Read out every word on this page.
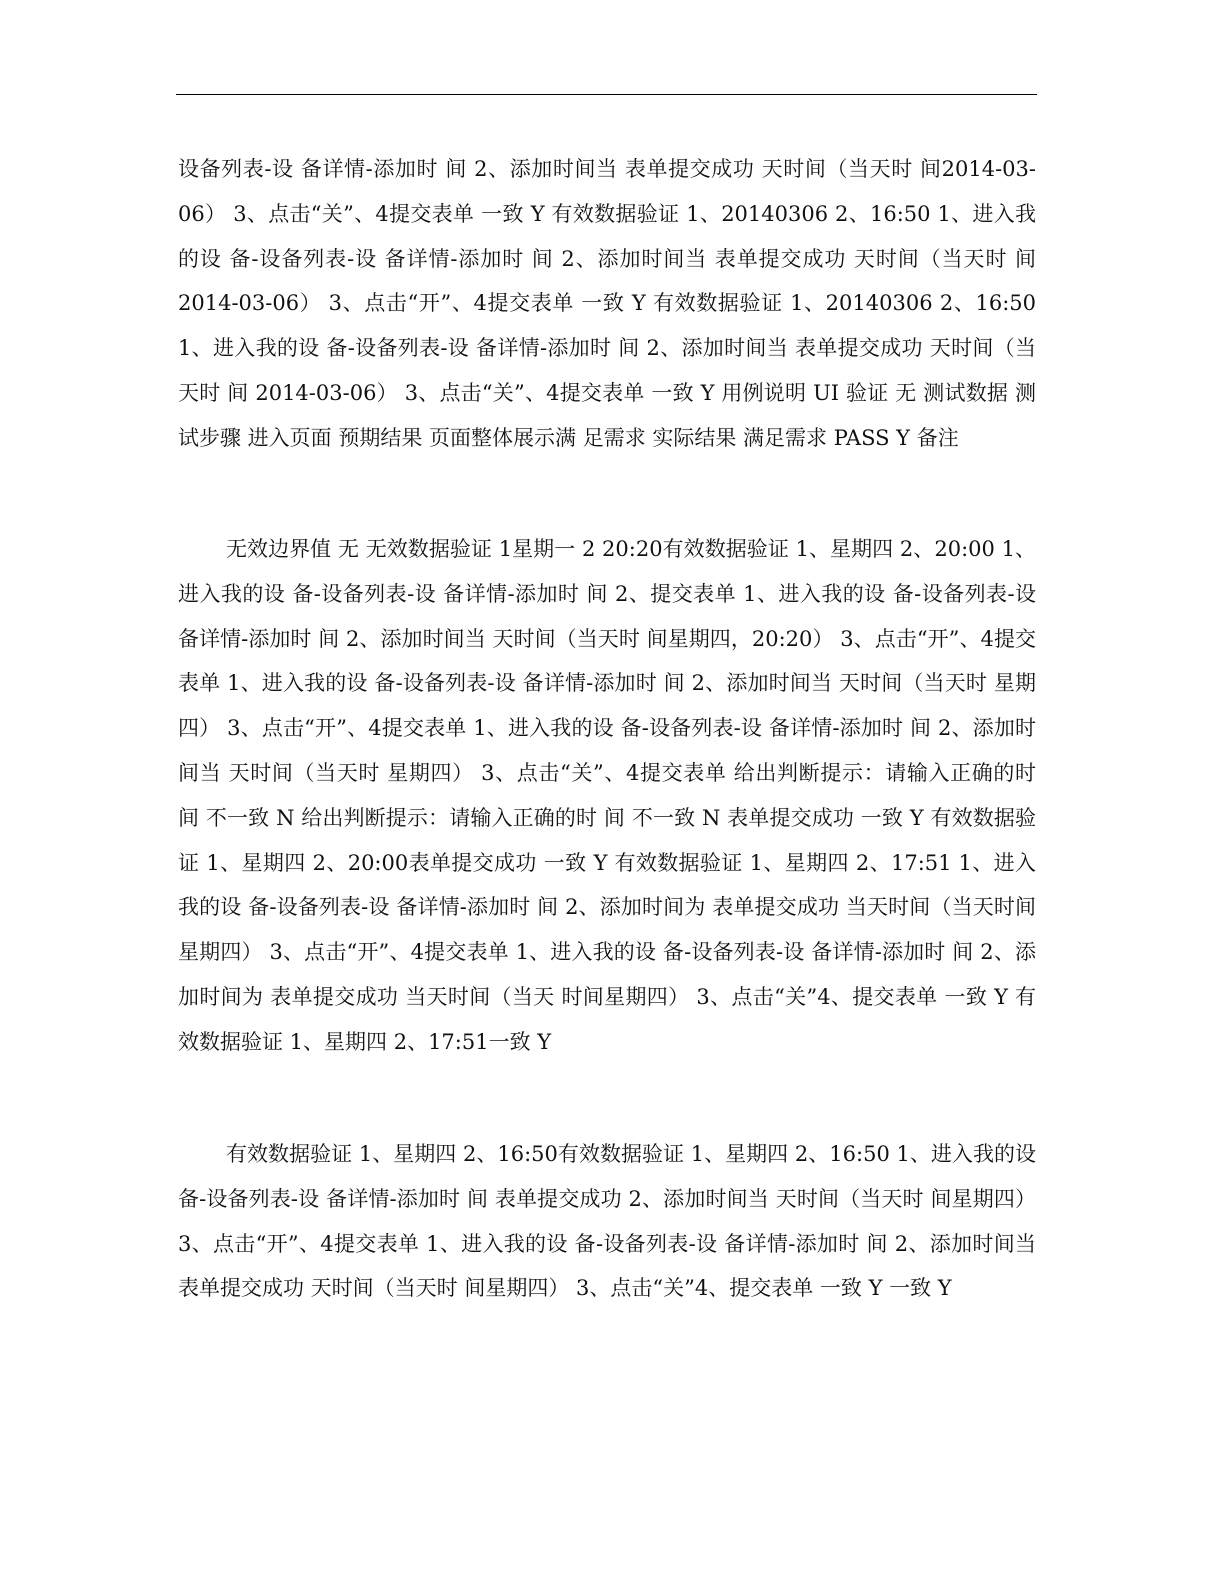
设备列表-设 备详情-添加时 间 2、添加时间当 表单提交成功 天时间（当天时 间2014-03-06） 3、点击“关”、4提交表单 一致 Y 有效数据验证 1、20140306 2、16:50 1、进入我的设 备-设备列表-设 备详情-添加时 间 2、添加时间当 表单提交成功 天时间（当天时 间 2014-03-06） 3、点击“开”、4提交表单 一致 Y 有效数据验证 1、20140306 2、16:50 1、进入我的设 备-设备列表-设 备详情-添加时 间 2、添加时间当 表单提交成功 天时间（当天时 间 2014-03-06） 3、点击“关”、4提交表单 一致 Y 用例说明 UI 验证 无 测试数据 测试步骤 进入页面 预期结果 页面整体展示满 足需求 实际结果 满足需求 PASS Y 备注

无效边界值 无 无效数据验证 1星期一 2 20:20有效数据验证 1、星期四 2、20:00 1、进入我的设 备-设备列表-设 备详情-添加时 间 2、提交表单 1、进入我的设 备-设备列表-设 备详情-添加时 间 2、添加时间当 天时间（当天时 间星期四，20:20） 3、点击“开”、4提交表单 1、进入我的设 备-设备列表-设 备详情-添加时 间 2、添加时间当 天时间（当天时 星期四） 3、点击“开”、4提交表单 1、进入我的设 备-设备列表-设 备详情-添加时 间 2、添加时间当 天时间（当天时 星期四） 3、点击“关”、4提交表单 给出判断提示：请输入正确的时 间 不一致 N 给出判断提示：请输入正确的时 间 不一致 N 表单提交成功 一致 Y 有效数据验证 1、星期四 2、20:00表单提交成功 一致 Y 有效数据验证 1、星期四 2、17:51 1、进入我的设 备-设备列表-设 备详情-添加时 间 2、添加时间为 表单提交成功 当天时间（当天时间星期四） 3、点击“开”、4提交表单 1、进入我的设 备-设备列表-设 备详情-添加时 间 2、添加时间为 表单提交成功 当天时间（当天 时间星期四） 3、点击“关”4、提交表单 一致 Y 有效数据验证 1、星期四 2、17:51一致 Y

有效数据验证 1、星期四 2、16:50有效数据验证 1、星期四 2、16:50 1、进入我的设 备-设备列表-设 备详情-添加时 间 表单提交成功 2、添加时间当 天时间（当天时 间星期四） 3、点击“开”、4提交表单 1、进入我的设 备-设备列表-设 备详情-添加时 间 2、添加时间当 表单提交成功 天时间（当天时 间星期四） 3、点击“关”4、提交表单 一致 Y 一致 Y
